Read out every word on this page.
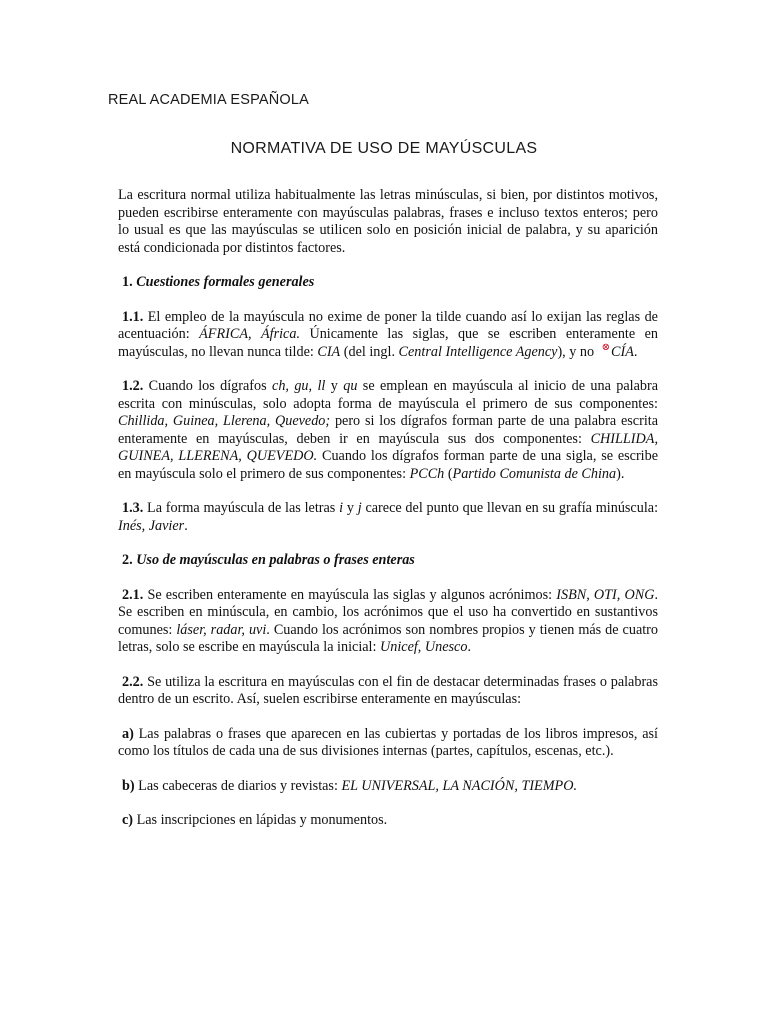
REAL ACADEMIA ESPAÑOLA
NORMATIVA DE USO DE MAYÚSCULAS

La escritura normal utiliza habitualmente las letras minúsculas, si bien, por distintos motivos, pueden escribirse enteramente con mayúsculas palabras, frases e incluso textos enteros; pero lo usual es que las mayúsculas se utilicen solo en posición inicial de palabra, y su aparición está condicionada por distintos factores.

1. Cuestiones formales generales

1.1. El empleo de la mayúscula no exime de poner la tilde cuando así lo exijan las reglas de acentuación: ÁFRICA, África. Únicamente las siglas, que se escriben enteramente en mayúsculas, no llevan nunca tilde: CIA (del ingl. Central Intelligence Agency), y no ⊗CÍA.

1.2. Cuando los dígrafos ch, gu, ll y qu se emplean en mayúscula al inicio de una palabra escrita con minúsculas, solo adopta forma de mayúscula el primero de sus componentes: Chillida, Guinea, Llerena, Quevedo; pero si los dígrafos forman parte de una palabra escrita enteramente en mayúsculas, deben ir en mayúscula sus dos componentes: CHILLIDA, GUINEA, LLERENA, QUEVEDO. Cuando los dígrafos forman parte de una sigla, se escribe en mayúscula solo el primero de sus componentes: PCCh (Partido Comunista de China).

1.3. La forma mayúscula de las letras i y j carece del punto que llevan en su grafía minúscula: Inés, Javier.

2. Uso de mayúsculas en palabras o frases enteras

2.1. Se escriben enteramente en mayúscula las siglas y algunos acrónimos: ISBN, OTI, ONG. Se escriben en minúscula, en cambio, los acrónimos que el uso ha convertido en sustantivos comunes: láser, radar, uvi. Cuando los acrónimos son nombres propios y tienen más de cuatro letras, solo se escribe en mayúscula la inicial: Unicef, Unesco.

2.2. Se utiliza la escritura en mayúsculas con el fin de destacar determinadas frases o palabras dentro de un escrito. Así, suelen escribirse enteramente en mayúsculas:

a) Las palabras o frases que aparecen en las cubiertas y portadas de los libros impresos, así como los títulos de cada una de sus divisiones internas (partes, capítulos, escenas, etc.).

b) Las cabeceras de diarios y revistas: EL UNIVERSAL, LA NACIÓN, TIEMPO.

c) Las inscripciones en lápidas y monumentos.
